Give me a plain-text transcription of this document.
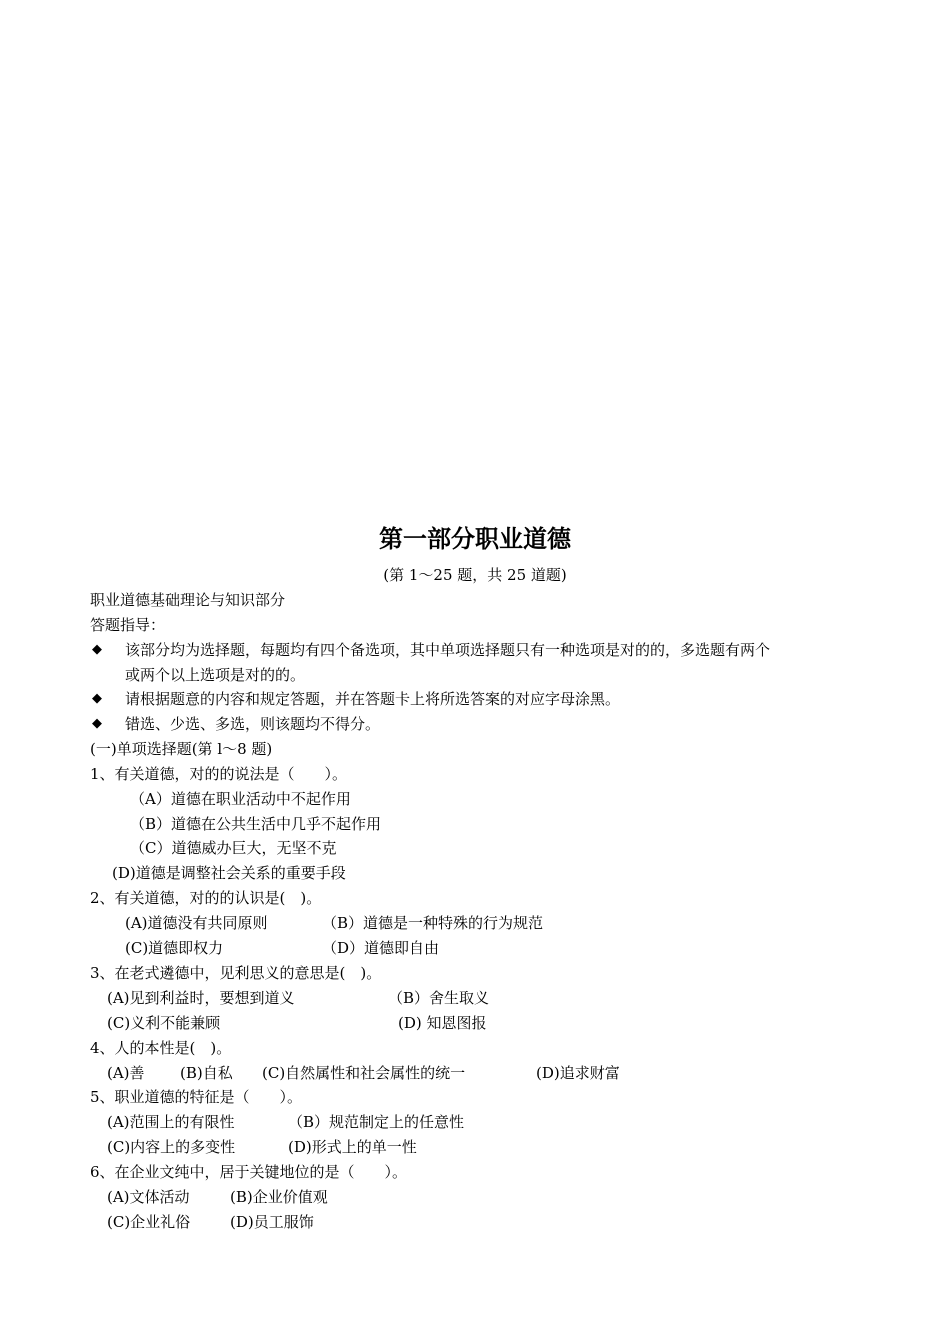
第一部分职业道德
(第 1～25 题，共 25 道题)
职业道德基础理论与知识部分
答题指导：
◆ 该部分均为选择题，每题均有四个备选项，其中单项选择题只有一种选项是对的的，多选题有两个
或两个以上选项是对的的。
◆ 请根据题意的内容和规定答题，并在答题卡上将所选答案的对应字母涂黑。
◆ 错选、少选、多选，则该题均不得分。
(一)单项选择题(第 l～8 题)
1、有关道德，对的的说法是（　　）。
（A）道德在职业活动中不起作用
（B）道德在公共生活中几乎不起作用
（C）道德威办巨大，无坚不克
(D)道德是调整社会关系的重要手段
2、有关道德，对的的认识是(　)。
(A)道德没有共同原则	（B）道德是一种特殊的行为规范
(C)道德即权力	（D）道德即自由
3、在老式遴德中，见利思义的意思是(　)。
(A)见到利益时，要想到道义	（B）舍生取义
(C)义利不能兼顾	(D) 知恩图报
4、人的本性是(　)。
(A)善 (B)自私 (C)自然属性和社会属性的统一	(D)追求财富
5、职业道德的特征是（　　）。
(A)范围上的有限性	（B）规范制定上的任意性
(C)内容上的多变性	(D)形式上的单一性
6、在企业文纯中，居于关键地位的是（　　）。
(A)文体活动	(B)企业价值观
(C)企业礼俗	(D)员工服饰
